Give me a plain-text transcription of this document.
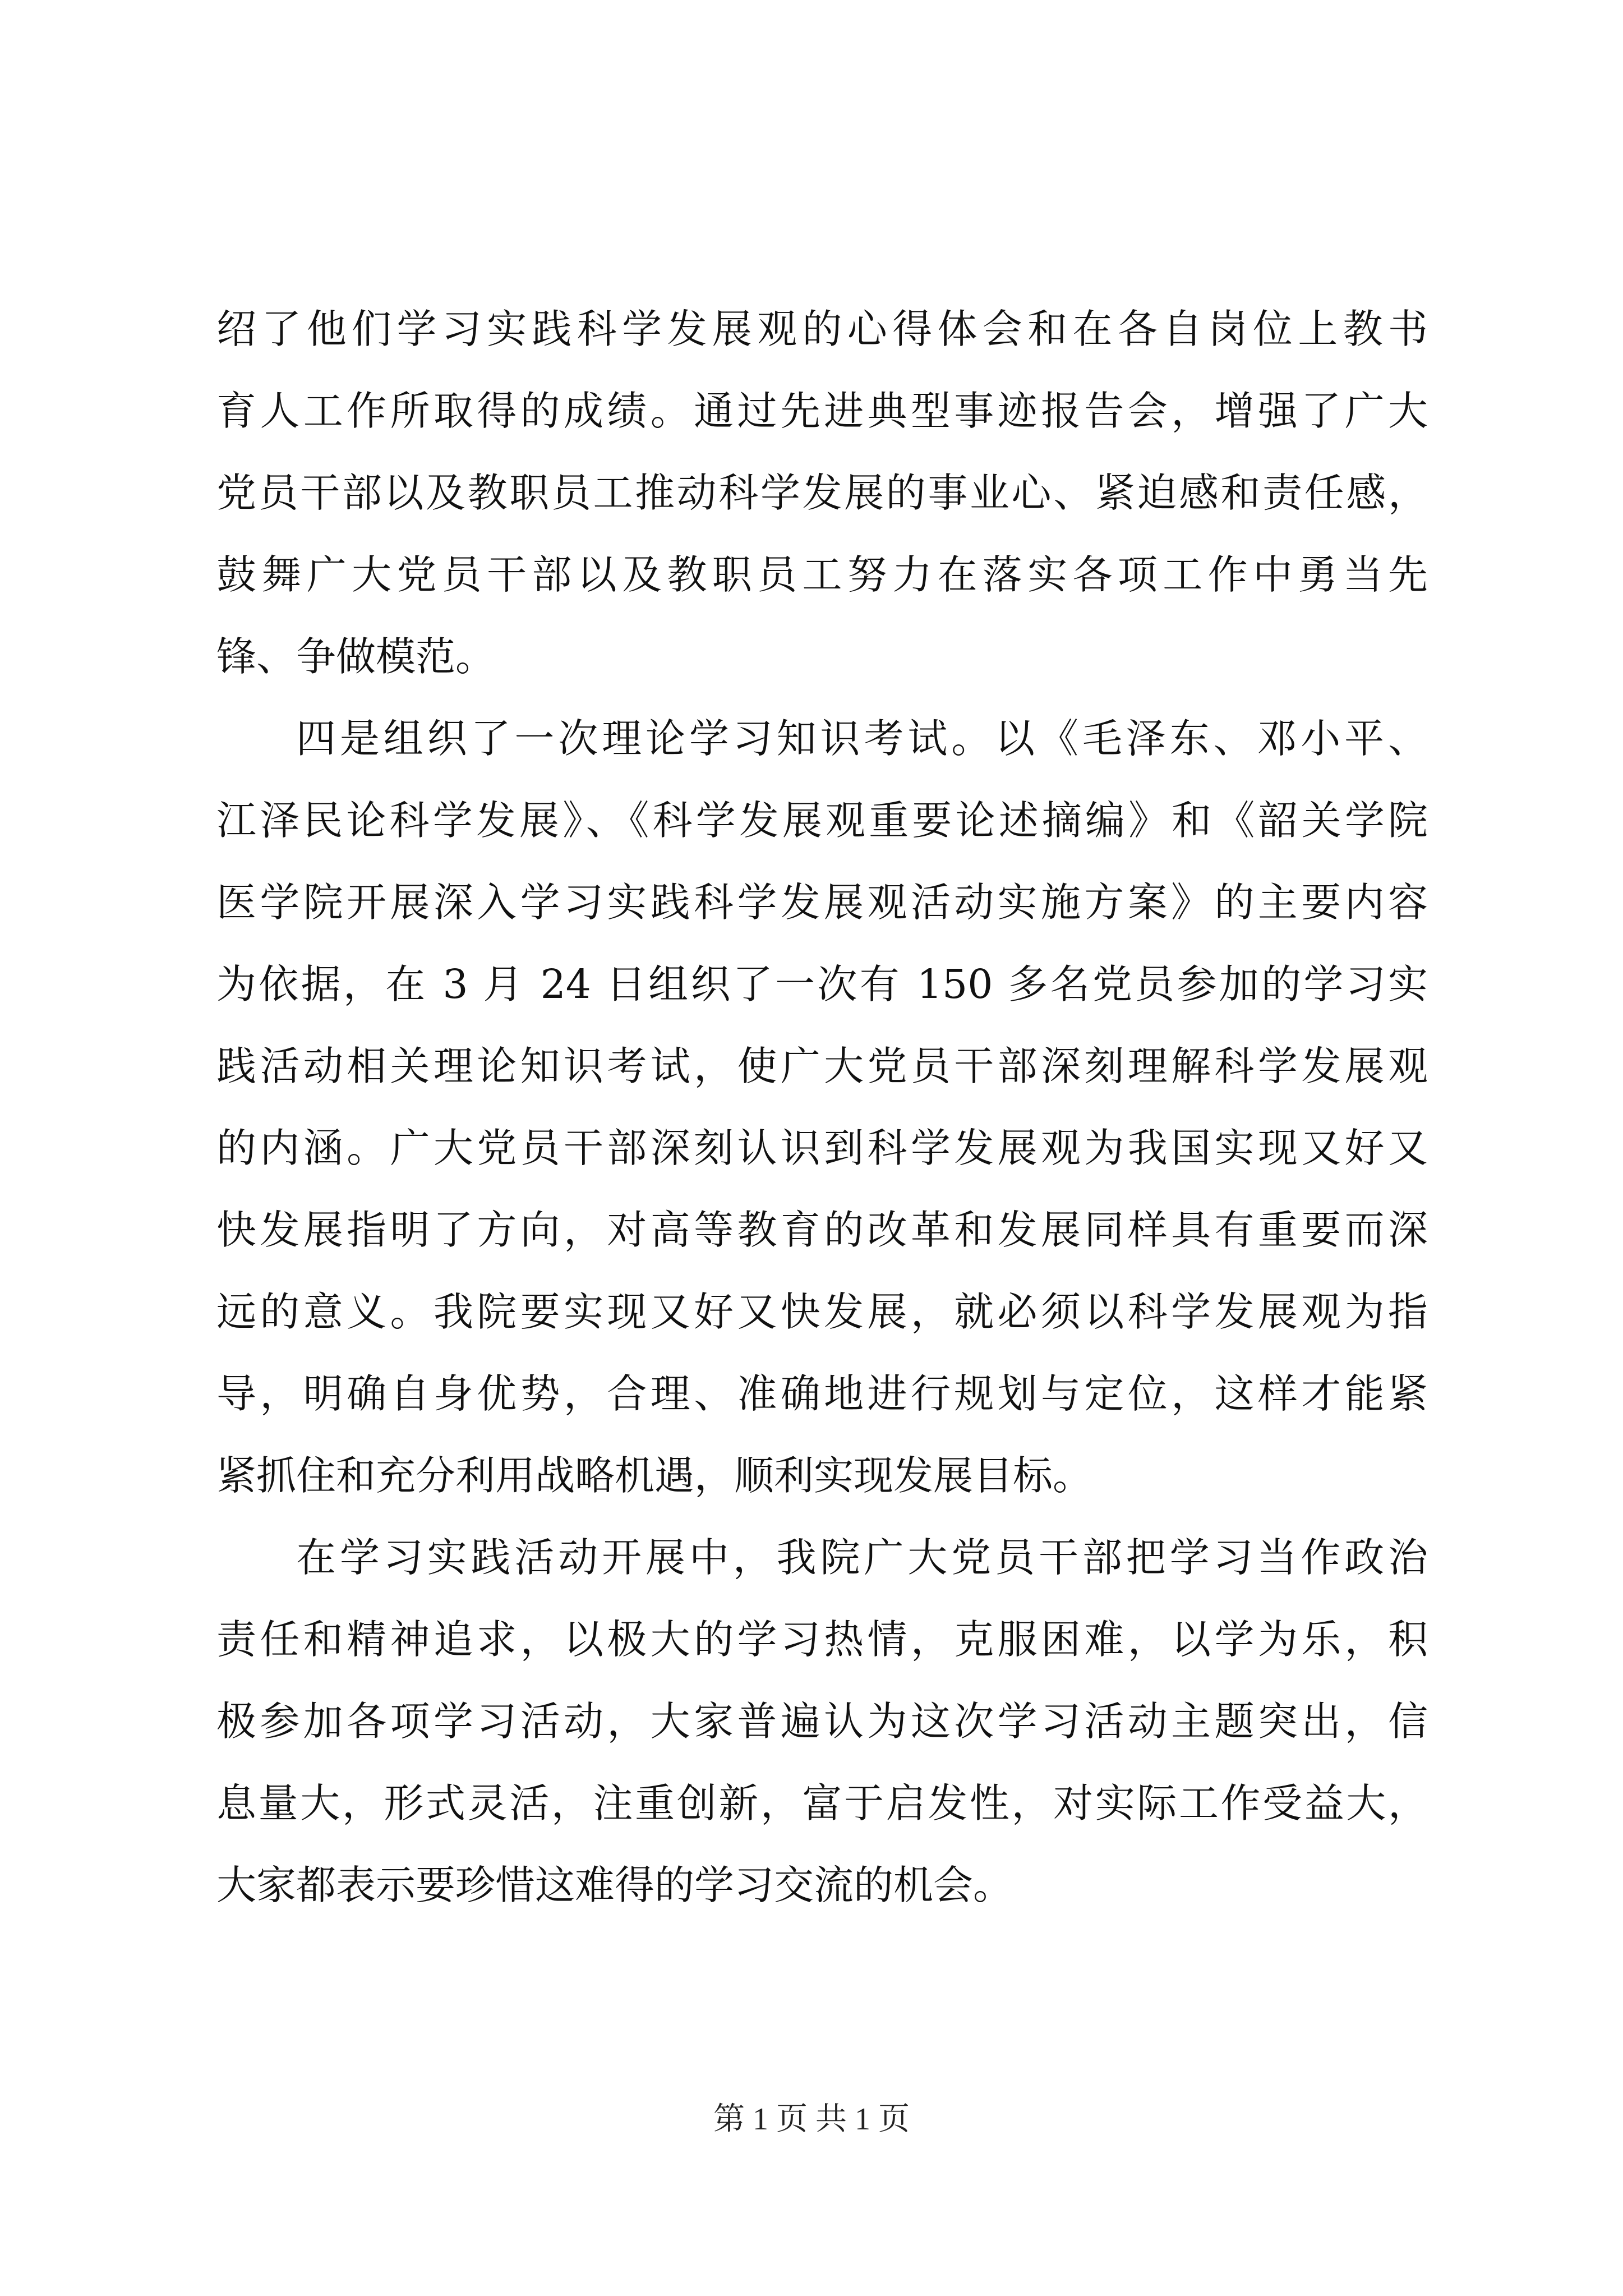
绍了他们学习实践科学发展观的心得体会和在各自岗位上教书
育人工作所取得的成绩。通过先进典型事迹报告会，增强了广大
党员干部以及教职员工推动科学发展的事业心、紧迫感和责任感，
鼓舞广大党员干部以及教职员工努力在落实各项工作中勇当先
锋、争做模范。
四是组织了一次理论学习知识考试。以《毛泽东、邓小平、
江泽民论科学发展》、《科学发展观重要论述摘编》和《韶关学院
医学院开展深入学习实践科学发展观活动实施方案》的主要内容
为依据，在 3 月 24 日组织了一次有 150 多名党员参加的学习实
践活动相关理论知识考试，使广大党员干部深刻理解科学发展观
的内涵。广大党员干部深刻认识到科学发展观为我国实现又好又
快发展指明了方向，对高等教育的改革和发展同样具有重要而深
远的意义。我院要实现又好又快发展，就必须以科学发展观为指
导，明确自身优势，合理、准确地进行规划与定位，这样才能紧
紧抓住和充分利用战略机遇，顺利实现发展目标。
在学习实践活动开展中，我院广大党员干部把学习当作政治
责任和精神追求，以极大的学习热情，克服困难，以学为乐，积
极参加各项学习活动，大家普遍认为这次学习活动主题突出，信
息量大，形式灵活，注重创新，富于启发性，对实际工作受益大，
大家都表示要珍惜这难得的学习交流的机会。
第 1 页 共 1 页
